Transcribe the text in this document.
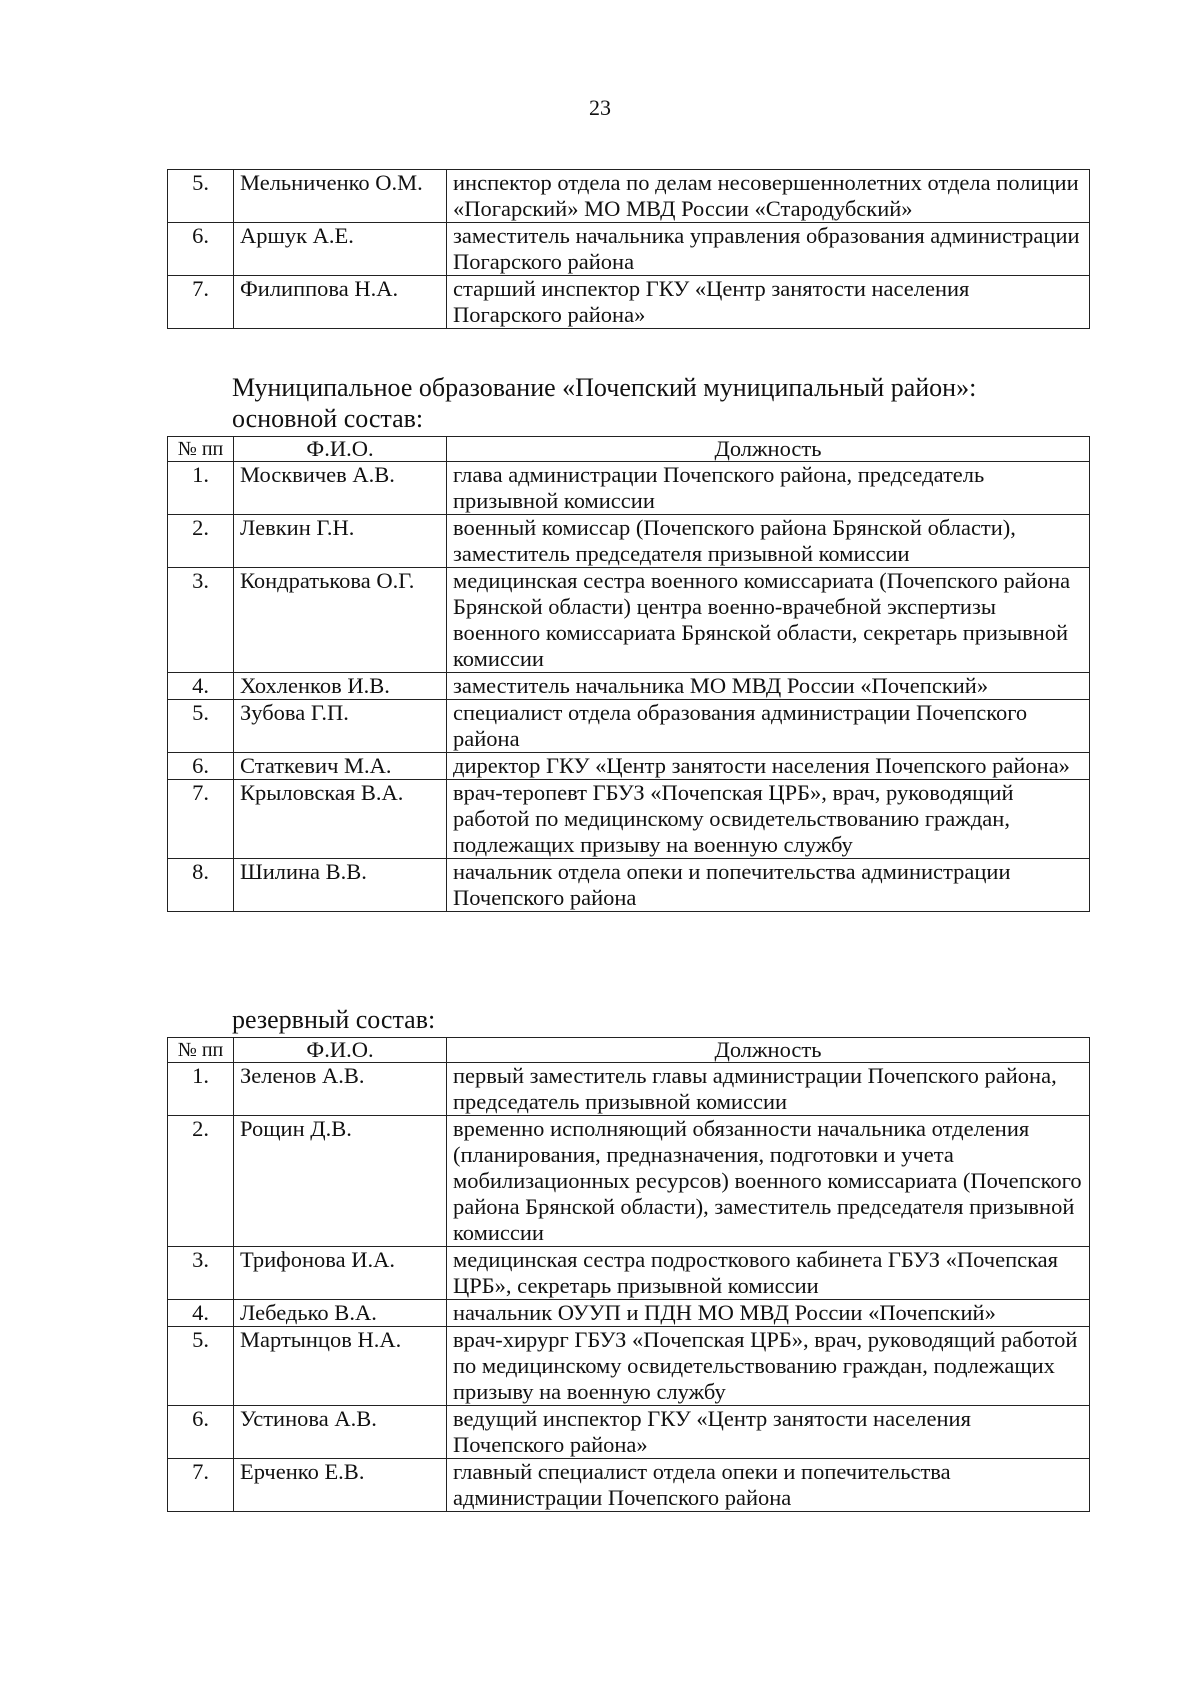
23
5.	Мельниченко О.М.	инспектор отдела по делам несовершеннолетних отдела полиции «Погарский» МО МВД России «Стародубский»
6.	Аршук А.Е.	заместитель начальника управления образования администрации Погарского района
7.	Филиппова Н.А.	старший инспектор ГКУ «Центр занятости населения Погарского района»
Муниципальное образование «Почепский муниципальный район»:
основной состав:
№ пп	Ф.И.О.	Должность
1.	Москвичев А.В.	глава администрации Почепского района, председатель призывной комиссии
2.	Левкин Г.Н.	военный комиссар (Почепского района Брянской области), заместитель председателя призывной комиссии
3.	Кондратькова О.Г.	медицинская сестра военного комиссариата (Почепского района Брянской области) центра военно-врачебной экспертизы военного комиссариата Брянской области, секретарь призывной комиссии
4.	Хохленков И.В.	заместитель начальника МО МВД России «Почепский»
5.	Зубова Г.П.	специалист отдела образования администрации Почепского района
6.	Статкевич М.А.	директор ГКУ «Центр занятости населения Почепского района»
7.	Крыловская В.А.	врач-теропевт ГБУЗ «Почепская ЦРБ», врач, руководящий работой по медицинскому освидетельствованию граждан, подлежащих призыву на военную службу
8.	Шилина В.В.	начальник отдела опеки и попечительства администрации Почепского района
резервный состав:
№ пп	Ф.И.О.	Должность
1.	Зеленов А.В.	первый заместитель главы администрации Почепского района, председатель призывной комиссии
2.	Рощин Д.В.	временно исполняющий обязанности начальника отделения (планирования, предназначения, подготовки и учета мобилизационных ресурсов) военного комиссариата (Почепского района Брянской области), заместитель председателя призывной комиссии
3.	Трифонова И.А.	медицинская сестра подросткового кабинета ГБУЗ «Почепская ЦРБ», секретарь призывной комиссии
4.	Лебедько В.А.	начальник ОУУП и ПДН МО МВД России «Почепский»
5.	Мартынцов Н.А.	врач-хирург ГБУЗ «Почепская ЦРБ», врач, руководящий работой по медицинскому освидетельствованию граждан, подлежащих призыву на военную службу
6.	Устинова А.В.	ведущий инспектор ГКУ «Центр занятости населения Почепского района»
7.	Ерченко Е.В.	главный специалист отдела опеки и попечительства администрации Почепского района
